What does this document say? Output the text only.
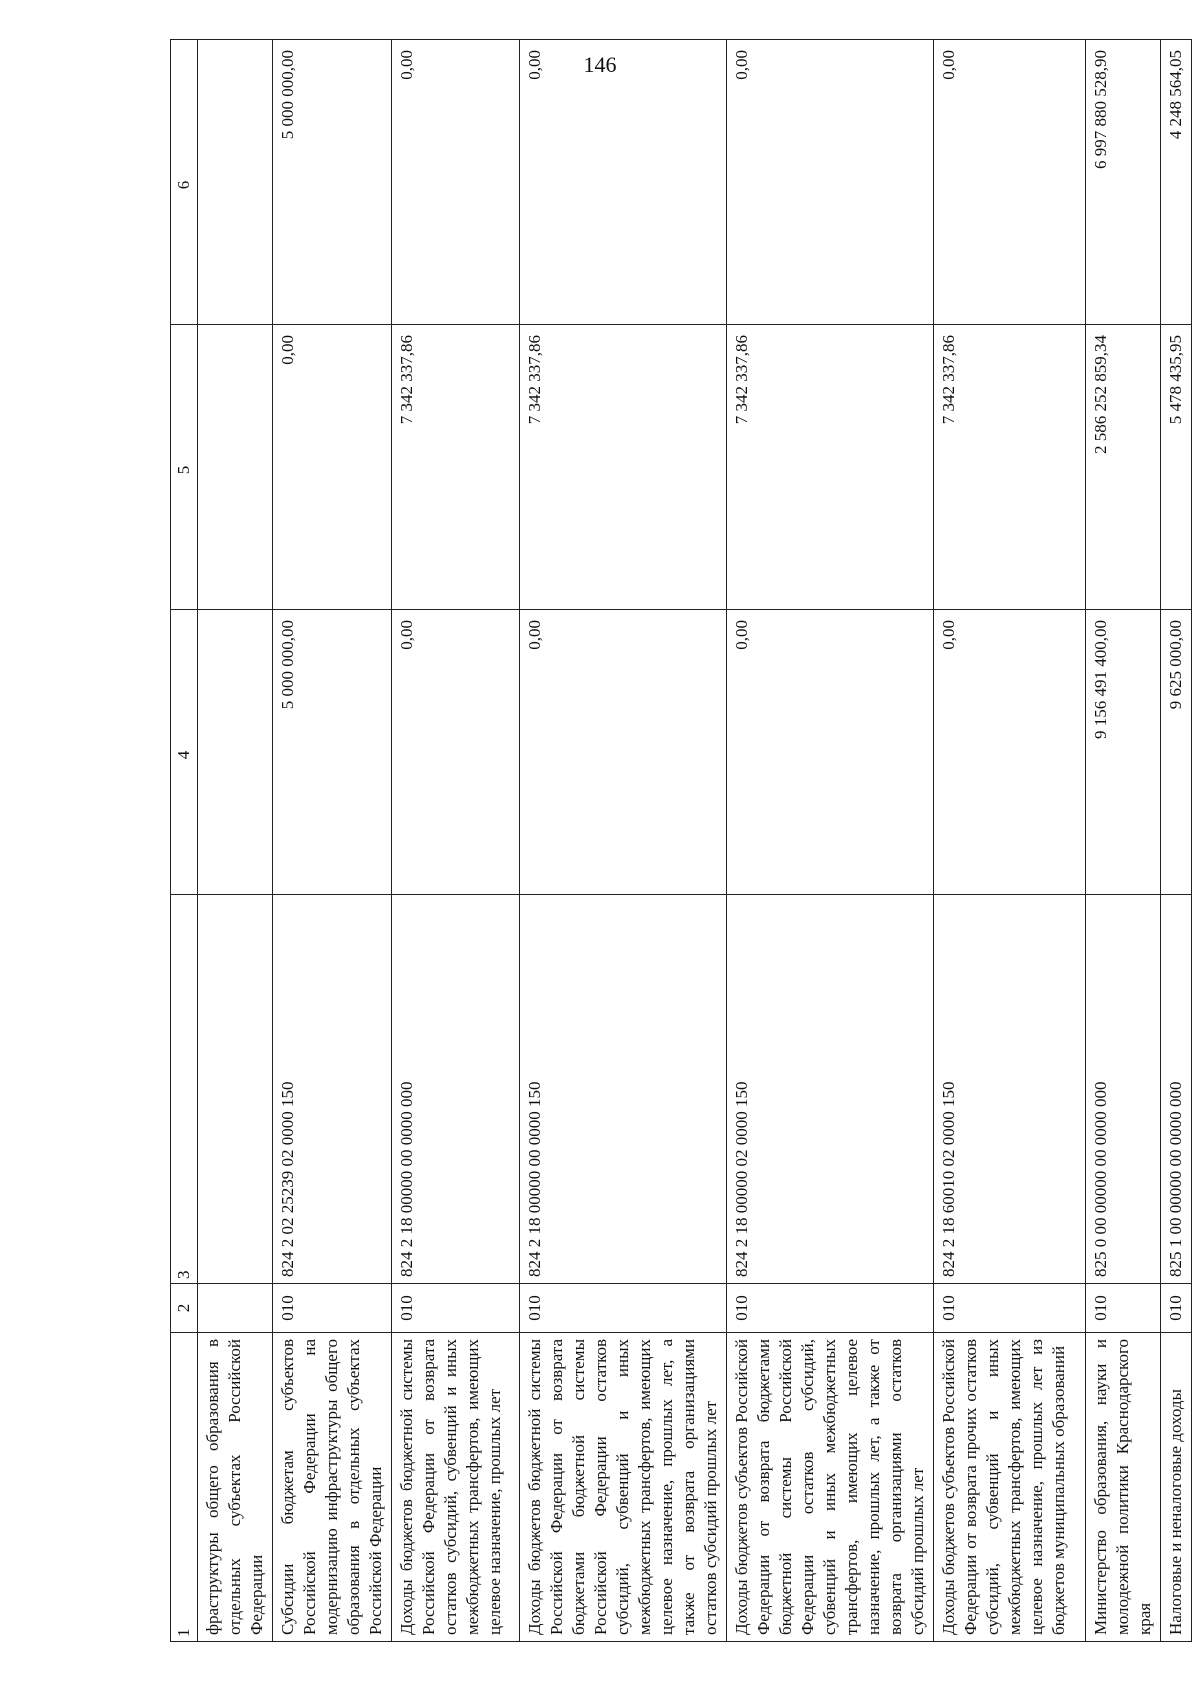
146
1	2	3	4	5	6
фраструктуры общего образования в отдельных субъектах Российской Федерации					
Субсидии бюджетам субъектов Российской Федерации на модернизацию инфраструктуры общего образования в отдельных субъектах Российской Федерации	010	824 2 02 25239 02 0000 150	5 000 000,00	0,00	5 000 000,00
Доходы бюджетов бюджетной системы Российской Федерации от возврата остатков субсидий, субвенций и иных межбюджетных трансфертов, имеющих целевое назначение, прошлых лет	010	824 2 18 00000 00 0000 000	0,00	7 342 337,86	0,00
Доходы бюджетов бюджетной системы Российской Федерации от возврата бюджетами бюджетной системы Российской Федерации остатков субсидий, субвенций и иных межбюджетных трансфертов, имеющих целевое назначение, прошлых лет, а также от возврата организациями остатков субсидий прошлых лет	010	824 2 18 00000 00 0000 150	0,00	7 342 337,86	0,00
Доходы бюджетов субъектов Российской Федерации от возврата бюджетами бюджетной системы Российской Федерации остатков субсидий, субвенций и иных межбюджетных трансфертов, имеющих целевое назначение, прошлых лет, а также от возврата организациями остатков субсидий прошлых лет	010	824 2 18 00000 02 0000 150	0,00	7 342 337,86	0,00
Доходы бюджетов субъектов Российской Федерации от возврата прочих остатков субсидий, субвенций и иных межбюджетных трансфертов, имеющих целевое назначение, прошлых лет из бюджетов муниципальных образований	010	824 2 18 60010 02 0000 150	0,00	7 342 337,86	0,00
Министерство образования, науки и молодежной политики Краснодарского края	010	825 0 00 00000 00 0000 000	9 156 491 400,00	2 586 252 859,34	6 997 880 528,90
Налоговые и неналоговые доходы	010	825 1 00 00000 00 0000 000	9 625 000,00	5 478 435,95	4 248 564,05
